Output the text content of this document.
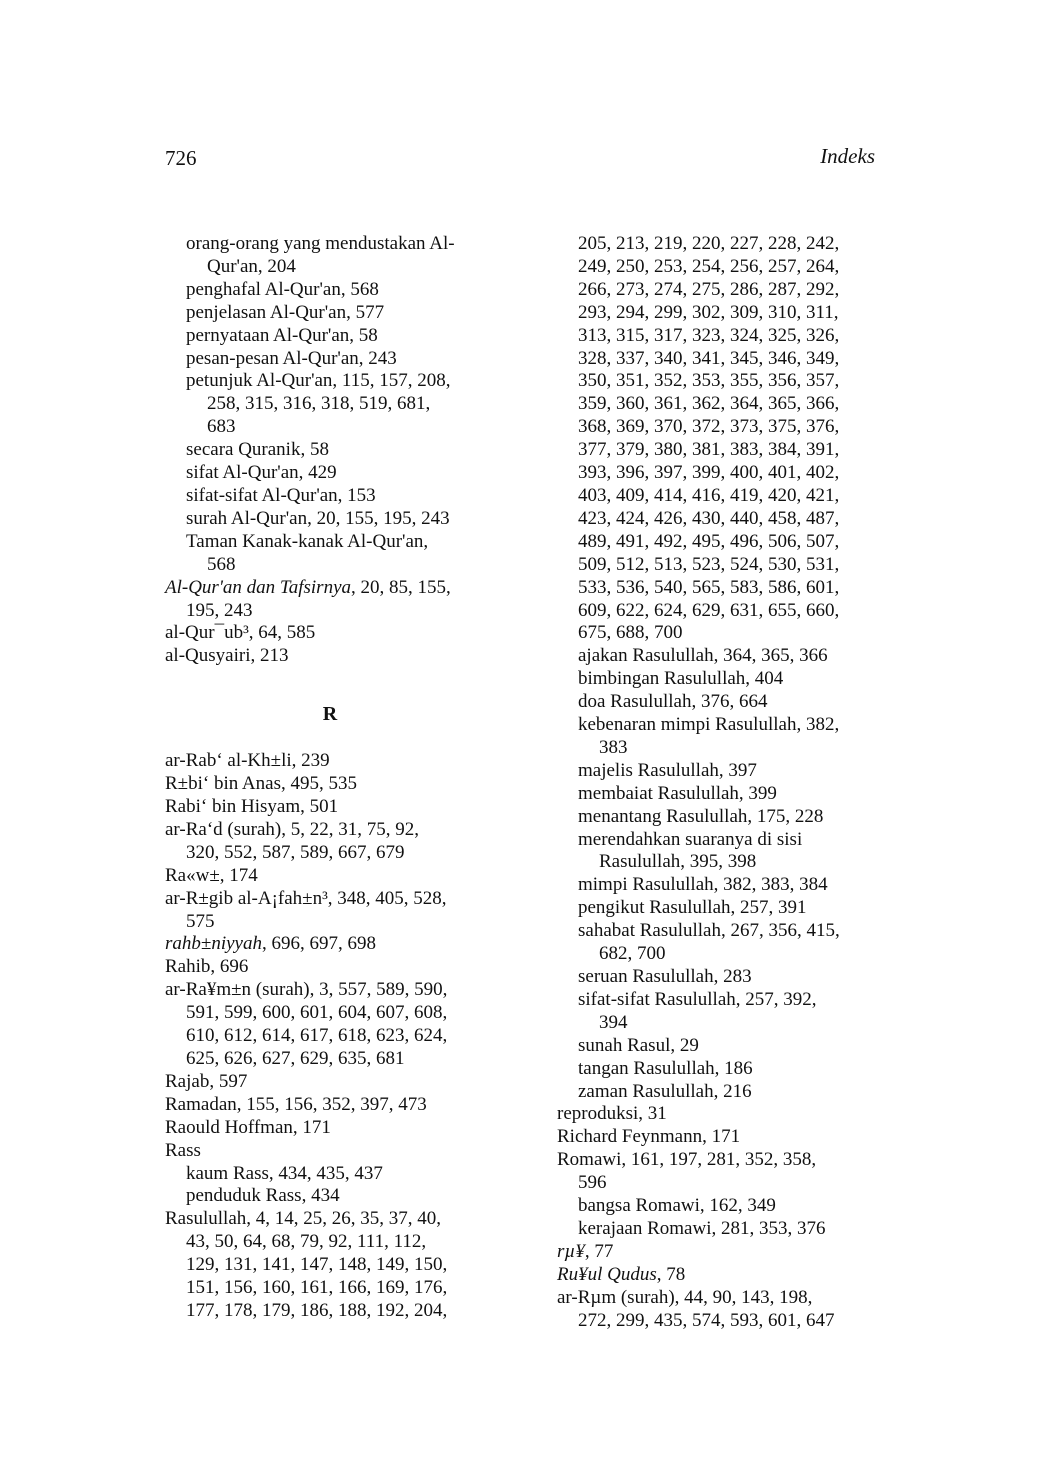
726	Indeks
orang-orang yang mendustakan Al-
Qur'an, 204
penghafal Al-Qur'an, 568
penjelasan Al-Qur'an, 577
pernyataan Al-Qur'an, 58
pesan-pesan Al-Qur'an, 243
petunjuk Al-Qur'an, 115, 157, 208,
258, 315, 316, 318, 519, 681,
683
secara Quranik, 58
sifat Al-Qur'an, 429
sifat-sifat Al-Qur'an, 153
surah Al-Qur'an, 20, 155, 195, 243
Taman Kanak-kanak Al-Qur'an,
568
Al-Qur'an dan Tafsirnya, 20, 85, 155,
195, 243
al-Qur¯ub³, 64, 585
al-Qusyairi, 213
R
ar-Rab‘ al-Kh±li, 239
R±bi‘ bin Anas, 495, 535
Rabi‘ bin Hisyam, 501
ar-Ra‘d (surah), 5, 22, 31, 75, 92,
320, 552, 587, 589, 667, 679
Ra«w±, 174
ar-R±gib al-A¡fah±n³, 348, 405, 528,
575
rahb±niyyah, 696, 697, 698
Rahib, 696
ar-Ra¥m±n (surah), 3, 557, 589, 590,
591, 599, 600, 601, 604, 607, 608,
610, 612, 614, 617, 618, 623, 624,
625, 626, 627, 629, 635, 681
Rajab, 597
Ramadan, 155, 156, 352, 397, 473
Raould Hoffman, 171
Rass
kaum Rass, 434, 435, 437
penduduk Rass, 434
Rasulullah, 4, 14, 25, 26, 35, 37, 40,
43, 50, 64, 68, 79, 92, 111, 112,
129, 131, 141, 147, 148, 149, 150,
151, 156, 160, 161, 166, 169, 176,
177, 178, 179, 186, 188, 192, 204,
205, 213, 219, 220, 227, 228, 242,
249, 250, 253, 254, 256, 257, 264,
266, 273, 274, 275, 286, 287, 292,
293, 294, 299, 302, 309, 310, 311,
313, 315, 317, 323, 324, 325, 326,
328, 337, 340, 341, 345, 346, 349,
350, 351, 352, 353, 355, 356, 357,
359, 360, 361, 362, 364, 365, 366,
368, 369, 370, 372, 373, 375, 376,
377, 379, 380, 381, 383, 384, 391,
393, 396, 397, 399, 400, 401, 402,
403, 409, 414, 416, 419, 420, 421,
423, 424, 426, 430, 440, 458, 487,
489, 491, 492, 495, 496, 506, 507,
509, 512, 513, 523, 524, 530, 531,
533, 536, 540, 565, 583, 586, 601,
609, 622, 624, 629, 631, 655, 660,
675, 688, 700
ajakan Rasulullah, 364, 365, 366
bimbingan Rasulullah, 404
doa Rasulullah, 376, 664
kebenaran mimpi Rasulullah, 382,
383
majelis Rasulullah, 397
membaiat Rasulullah, 399
menantang Rasulullah, 175, 228
merendahkan suaranya di sisi
Rasulullah, 395, 398
mimpi Rasulullah, 382, 383, 384
pengikut Rasulullah, 257, 391
sahabat Rasulullah, 267, 356, 415,
682, 700
seruan Rasulullah, 283
sifat-sifat Rasulullah, 257, 392,
394
sunah Rasul, 29
tangan Rasulullah, 186
zaman Rasulullah, 216
reproduksi, 31
Richard Feynmann, 171
Romawi, 161, 197, 281, 352, 358,
596
bangsa Romawi, 162, 349
kerajaan Romawi, 281, 353, 376
rµ¥, 77
Ru¥ul Qudus, 78
ar-Rµm (surah), 44, 90, 143, 198,
272, 299, 435, 574, 593, 601, 647
